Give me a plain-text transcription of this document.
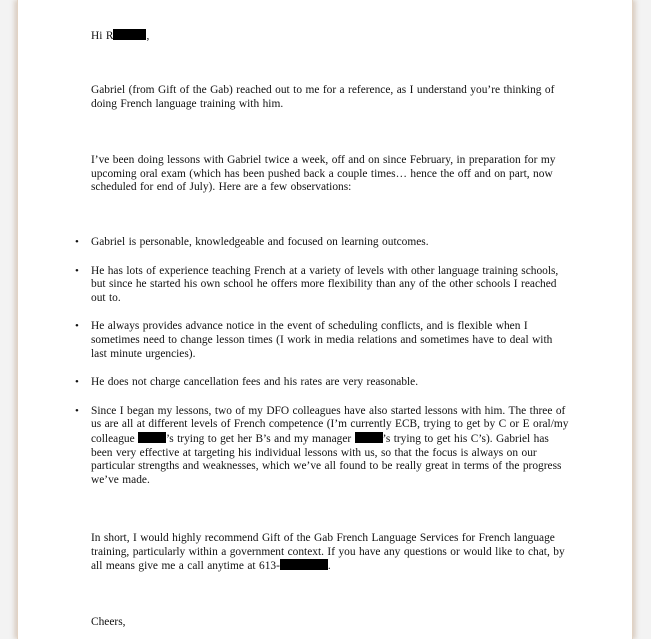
Hi R	,
Gabriel (from Gift of the Gab) reached out to me for a reference, as I understand you’re thinking of doing French language training with him.
I’ve been doing lessons with Gabriel twice a week, off and on since February, in preparation for my upcoming oral exam (which has been pushed back a couple times… hence the off and on part, now scheduled for end of July). Here are a few observations:
• Gabriel is personable, knowledgeable and focused on learning outcomes.
• He has lots of experience teaching French at a variety of levels with other language training schools, but since he started his own school he offers more flexibility than any of the other schools I reached out to.
• He always provides advance notice in the event of scheduling conflicts, and is flexible when I sometimes need to change lesson times (I work in media relations and sometimes have to deal with last minute urgencies).
• He does not charge cancellation fees and his rates are very reasonable.
• Since I began my lessons, two of my DFO colleagues have also started lessons with him. The three of us are all at different levels of French competence (I’m currently ECB, trying to get by C or E oral/my colleague ’s trying to get her B’s and my manager ’s trying to get his C’s). Gabriel has been very effective at targeting his individual lessons with us, so that the focus is always on our particular strengths and weaknesses, which we’ve all found to be really great in terms of the progress we’ve made.
In short, I would highly recommend Gift of the Gab French Language Services for French language training, particularly within a government context. If you have any questions or would like to chat, by all means give me a call anytime at 613-	.
Cheers,
